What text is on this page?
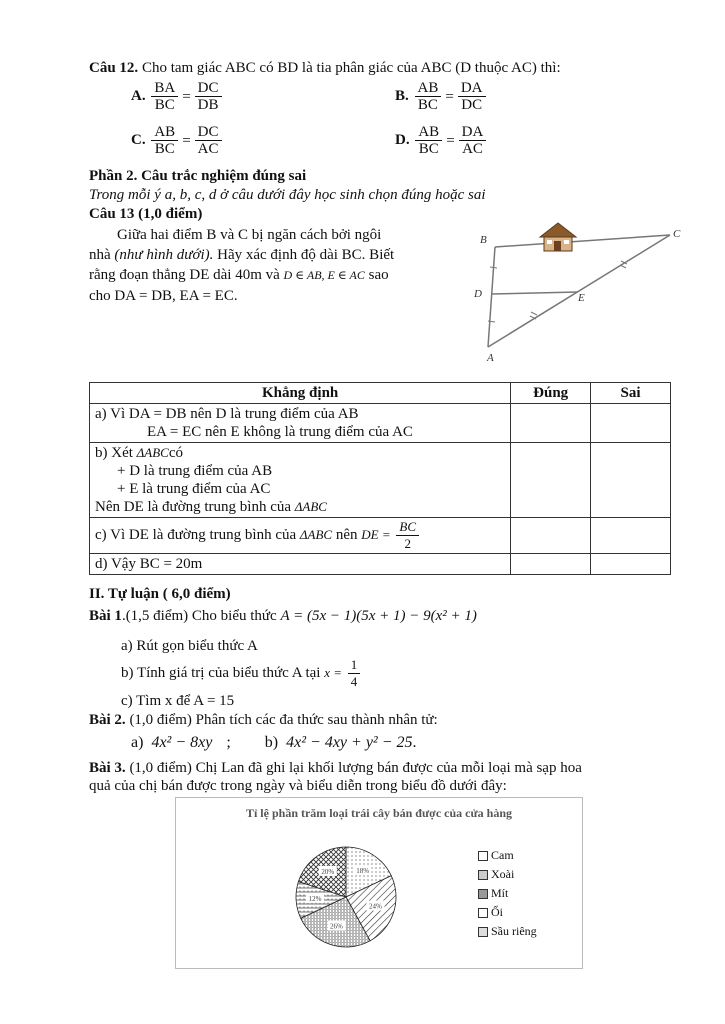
Câu 12. Cho tam giác ABC có BD là tia phân giác của ABC (D thuộc AC) thì:
A. $\frac{BA}{BC} = \frac{DC}{DB}$	B. $\frac{AB}{BC} = \frac{DA}{DC}$
C. $\frac{AB}{BC} = \frac{DC}{AC}$	D. $\frac{AB}{BC} = \frac{DA}{AC}$
Phần 2. Câu trắc nghiệm đúng sai
Trong mỗi ý a, b, c, d ở câu dưới đây học sinh chọn đúng hoặc sai
Câu 13 (1,0 điểm)
Giữa hai điểm B và C bị ngăn cách bởi ngôi
nhà (như hình dưới). Hãy xác định độ dài BC. Biết
rằng đoạn thẳng DE dài 40m và D ∈ AB, E ∈ AC sao
cho DA = DB, EA = EC.
B	C
D	E
A
Khẳng định	Đúng	Sai

a) Vì DA = DB nên D là trung điểm của AB
EA = EC nên E không là trung điểm của AC		

b) Xét ΔABCcó
+ D là trung điểm của AB
+ E là trung điểm của AC
Nên DE là đường trung bình của ΔABC		

c) Vì DE là đường trung bình của ΔABC nên DE = $\frac{BC}{2}$

d) Vậy BC = 20m		
II. Tự luận ( 6,0 điểm)
Bài 1.(1,5 điểm) Cho biểu thức A = (5x − 1)(5x + 1) − 9(x² + 1)
a) Rút gọn biểu thức A
b) Tính giá trị của biểu thức A tại $x = \frac{1}{4}$
c) Tìm x để A = 15
Bài 2. (1,0 điểm) Phân tích các đa thức sau thành nhân tử:
a) 4x² − 8xy ; b) 4x² − 4xy + y² − 25.
Bài 3. (1,0 điểm) Chị Lan đã ghi lại khối lượng bán được của mỗi loại mà sạp hoa
quả của chị bán được trong ngày và biểu diễn trong biểu đồ dưới đây:
Tỉ lệ phần trăm loại trái cây bán được của cửa hàng
18%
24%
26%
12%
20%
Cam
Xoài
Mít
Ổi
Sầu riêng
